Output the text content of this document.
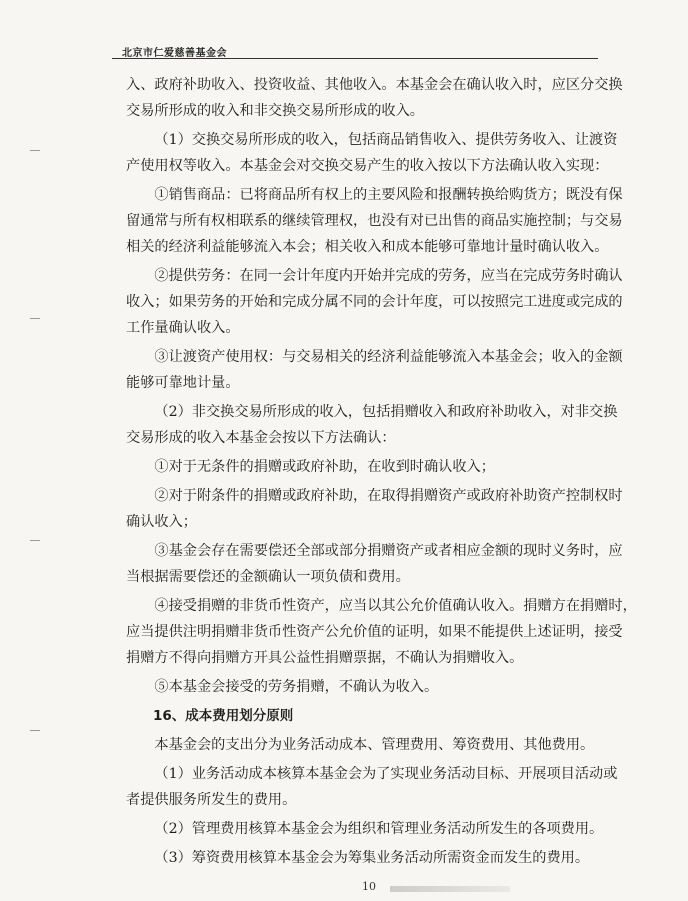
北京市仁爱慈善基金会

入、政府补助收入、投资收益、其他收入。本基金会在确认收入时，应区分交换

交易所形成的收入和非交换交易所形成的收入。

（1）交换交易所形成的收入，包括商品销售收入、提供劳务收入、让渡资

产使用权等收入。本基金会对交换交易产生的收入按以下方法确认收入实现：

①销售商品：已将商品所有权上的主要风险和报酬转换给购货方；既没有保

留通常与所有权相联系的继续管理权，也没有对已出售的商品实施控制；与交易

相关的经济利益能够流入本会；相关收入和成本能够可靠地计量时确认收入。

②提供劳务：在同一会计年度内开始并完成的劳务，应当在完成劳务时确认

收入；如果劳务的开始和完成分属不同的会计年度，可以按照完工进度或完成的

工作量确认收入。

③让渡资产使用权：与交易相关的经济利益能够流入本基金会；收入的金额

能够可靠地计量。

（2）非交换交易所形成的收入，包括捐赠收入和政府补助收入，对非交换

交易形成的收入本基金会按以下方法确认：

①对于无条件的捐赠或政府补助，在收到时确认收入；

②对于附条件的捐赠或政府补助，在取得捐赠资产或政府补助资产控制权时

确认收入；

③基金会存在需要偿还全部或部分捐赠资产或者相应金额的现时义务时，应

当根据需要偿还的金额确认一项负债和费用。

④接受捐赠的非货币性资产，应当以其公允价值确认收入。捐赠方在捐赠时，

应当提供注明捐赠非货币性资产公允价值的证明，如果不能提供上述证明，接受

捐赠方不得向捐赠方开具公益性捐赠票据，不确认为捐赠收入。

⑤本基金会接受的劳务捐赠，不确认为收入。

16、成本费用划分原则

本基金会的支出分为业务活动成本、管理费用、筹资费用、其他费用。

（1）业务活动成本核算本基金会为了实现业务活动目标、开展项目活动或

者提供服务所发生的费用。

（2）管理费用核算本基金会为组织和管理业务活动所发生的各项费用。

（3）筹资费用核算本基金会为筹集业务活动所需资金而发生的费用。

10
